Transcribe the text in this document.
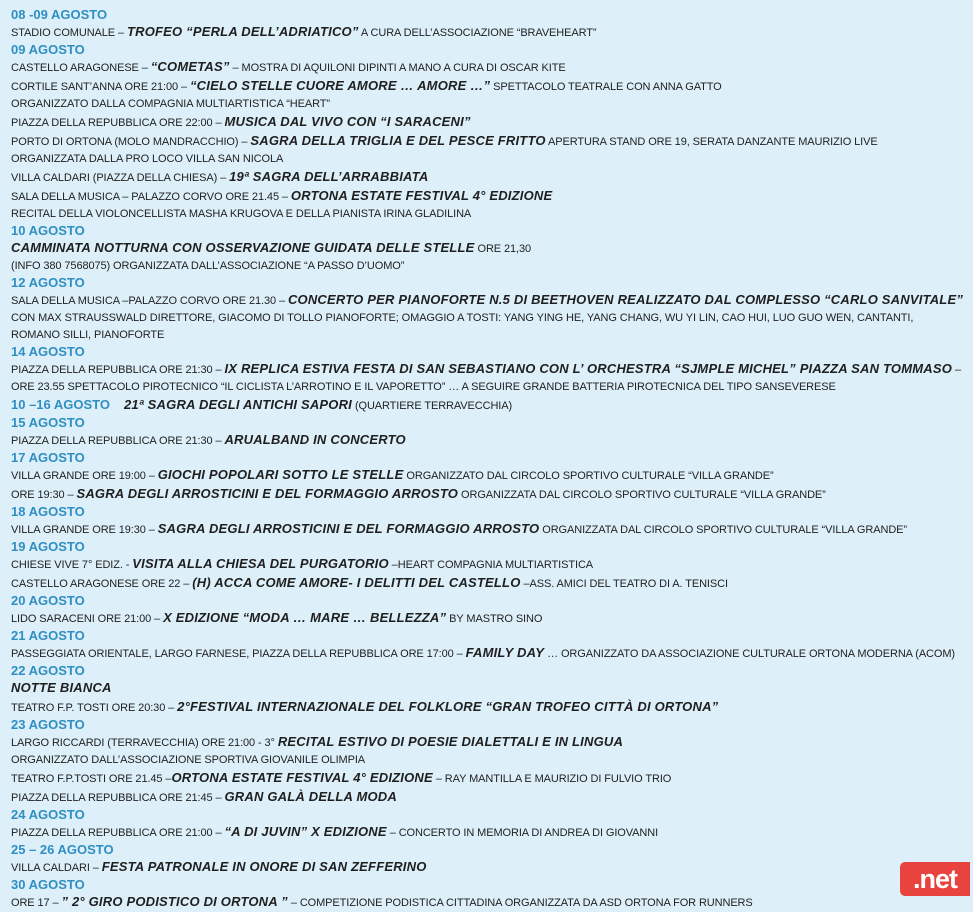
08 -09 AGOSTO
STADIO COMUNALE – TROFEO “PERLA DELL’ADRIATICO” A CURA DELL’ASSOCIAZIONE “BRAVEHEART”
09 AGOSTO
CASTELLO ARAGONESE – “COMETAS” – MOSTRA DI AQUILONI DIPINTI A MANO A CURA DI OSCAR KITE
CORTILE SANT’ANNA ORE 21:00 – “CIELO STELLE CUORE AMORE … AMORE …” SPETTACOLO TEATRALE CON ANNA GATTO
ORGANIZZATO DALLA COMPAGNIA MULTIARTISTICA “HEART”
PIAZZA DELLA REPUBBLICA ORE 22:00 – MUSICA DAL VIVO CON “I SARACENI”
PORTO DI ORTONA (MOLO MANDRACCHIO) – SAGRA DELLA TRIGLIA E DEL PESCE FRITTO APERTURA STAND ORE 19, SERATA DANZANTE MAURIZIO LIVE
ORGANIZZATA DALLA PRO LOCO VILLA SAN NICOLA
VILLA CALDARI (PIAZZA DELLA CHIESA) – 19ª SAGRA DELL’ARRABBIATA
SALA DELLA MUSICA – PALAZZO CORVO ORE 21.45 – ORTONA ESTATE FESTIVAL 4° EDIZIONE
RECITAL DELLA VIOLONCELLISTA MASHA KRUGOVA E DELLA PIANISTA IRINA GLADILINA
10 AGOSTO
CAMMINATA NOTTURNA CON OSSERVAZIONE GUIDATA DELLE STELLE ORE 21,30
(INFO 380 7568075) ORGANIZZATA DALL’ASSOCIAZIONE “A PASSO D’UOMO”
12 AGOSTO
SALA DELLA MUSICA –PALAZZO CORVO ORE 21.30 – CONCERTO PER PIANOFORTE N.5 DI BEETHOVEN REALIZZATO DAL COMPLESSO “CARLO SANVITALE” CON MAX STRAUSSWALD DIRETTORE, GIACOMO DI TOLLO PIANOFORTE; OMAGGIO A TOSTI: YANG YING HE, YANG CHANG, WU YI LIN, CAO HUI, LUO GUO WEN, CANTANTI, ROMANO SILLI, PIANOFORTE
14 AGOSTO
PIAZZA DELLA REPUBBLICA ORE 21:30 – IX REPLICA ESTIVA FESTA DI SAN SEBASTIANO CON L’ ORCHESTRA “SJMPLE MICHEL” PIAZZA SAN TOMMASO – ORE 23.55 SPETTACOLO PIROTECNICO “IL CICLISTA L’ARROTINO E IL VAPORETTO” … A SEGUIRE GRANDE BATTERIA PIROTECNICA DEL TIPO SANSEVERESE
10 –16 AGOSTO 21ª SAGRA DEGLI ANTICHI SAPORI (QUARTIERE TERRAVECCHIA)
15 AGOSTO
PIAZZA DELLA REPUBBLICA ORE 21:30 – ARUALBAND IN CONCERTO
17 AGOSTO
VILLA GRANDE ORE 19:00 – GIOCHI POPOLARI SOTTO LE STELLE ORGANIZZATO DAL CIRCOLO SPORTIVO CULTURALE “VILLA GRANDE”
ORE 19:30 – SAGRA DEGLI ARROSTICINI E DEL FORMAGGIO ARROSTO ORGANIZZATA DAL CIRCOLO SPORTIVO CULTURALE “VILLA GRANDE”
18 AGOSTO
VILLA GRANDE ORE 19:30 – SAGRA DEGLI ARROSTICINI E DEL FORMAGGIO ARROSTO ORGANIZZATA DAL CIRCOLO SPORTIVO CULTURALE “VILLA GRANDE”
19 AGOSTO
CHIESE VIVE 7° EDIZ. - VISITA ALLA CHIESA DEL PURGATORIO –HEART COMPAGNIA MULTIARTISTICA
CASTELLO ARAGONESE ORE 22 – (H) ACCA COME AMORE- I DELITTI DEL CASTELLO –ASS. AMICI DEL TEATRO DI A. TENISCI
20 AGOSTO
LIDO SARACENI ORE 21:00 – X EDIZIONE “MODA … MARE … BELLEZZA” BY MASTRO SINO
21 AGOSTO
PASSEGGIATA ORIENTALE, LARGO FARNESE, PIAZZA DELLA REPUBBLICA ORE 17:00 – FAMILY DAY … ORGANIZZATO DA ASSOCIAZIONE CULTURALE ORTONA MODERNA (ACOM)
22 AGOSTO
NOTTE BIANCA
TEATRO F.P. TOSTI ORE 20:30 – 2°FESTIVAL INTERNAZIONALE DEL FOLKLORE “GRAN TROFEO CITTÀ DI ORTONA”
23 AGOSTO
LARGO RICCARDI (TERRAVECCHIA) ORE 21:00 - 3° RECITAL ESTIVO DI POESIE DIALETTALI E IN LINGUA
ORGANIZZATO DALL’ASSOCIAZIONE SPORTIVA GIOVANILE OLIMPIA
TEATRO F.P.TOSTI ORE 21.45 –ORTONA ESTATE FESTIVAL 4° EDIZIONE – RAY MANTILLA E MAURIZIO DI FULVIO TRIO
PIAZZA DELLA REPUBBLICA ORE 21:45 – GRAN GALÀ DELLA MODA
24 AGOSTO
PIAZZA DELLA REPUBBLICA ORE 21:00 – “A DI JUVIN” X EDIZIONE – CONCERTO IN MEMORIA DI ANDREA DI GIOVANNI
25 – 26 AGOSTO
VILLA CALDARI – FESTA PATRONALE IN ONORE DI SAN ZEFFERINO
30 AGOSTO
ORE 17 – ” 2° GIRO PODISTICO DI ORTONA ” – COMPETIZIONE PODISTICA CITTADINA ORGANIZZATA DA ASD ORTONA FOR RUNNERS
.net
